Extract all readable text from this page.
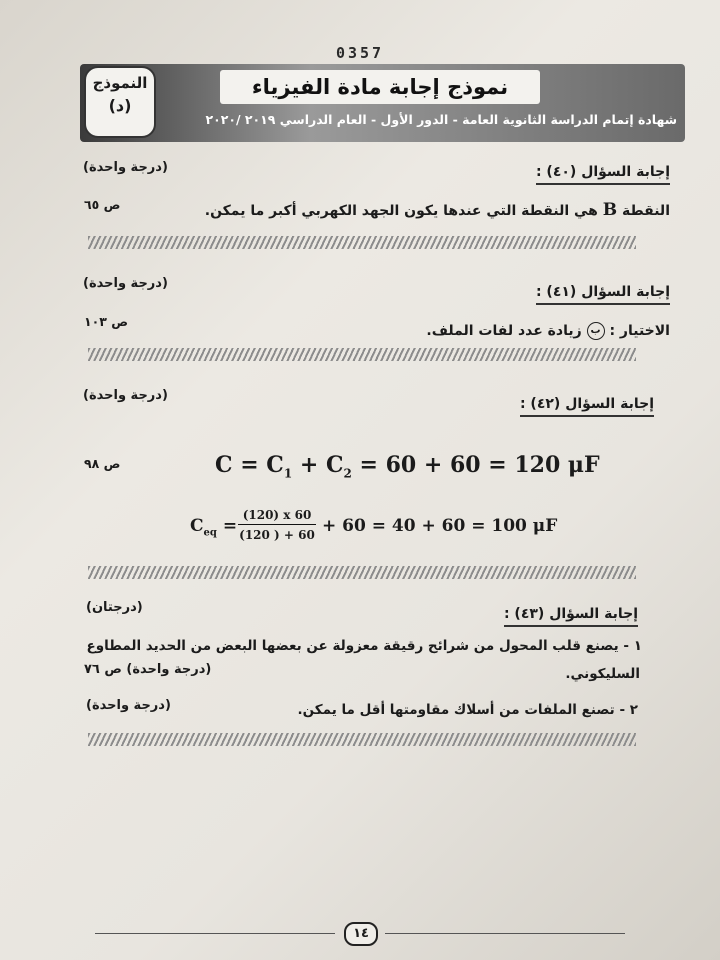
0357
نموذج إجابة مادة الفيزياء
شهادة إتمام الدراسة الثانوية العامة - الدور الأول - العام الدراسي ٢٠١٩ /٢٠٢٠
النموذج
(د)
إجابة السؤال (٤٠) :
(درجة واحدة)
النقطة B هي النقطة التي عندها يكون الجهد الكهربي أكبر ما يمكن.
ص ٦٥
إجابة السؤال (٤١) :
(درجة واحدة)
الاختيار : ب زيادة عدد لفات الملف.
ص ١٠٣
إجابة السؤال (٤٢) :
(درجة واحدة)
ص ٩٨	$C = C_1 + C_2 = 60 + 60 = 120$ μF
$C_{eq} = \frac{(120) x 60}{(120 ) + 60} + 60 = 40 + 60 = 100$ μF
إجابة السؤال (٤٣) :
(درجتان)
١ - يصنع قلب المحول من شرائح رقيقة معزولة عن بعضها البعض من الحديد المطاوع
السليكوني.
(درجة واحدة) ص ٧٦
٢ - تصنع الملفات من أسلاك مقاومتها أقل ما يمكن.
(درجة واحدة)
١٤
